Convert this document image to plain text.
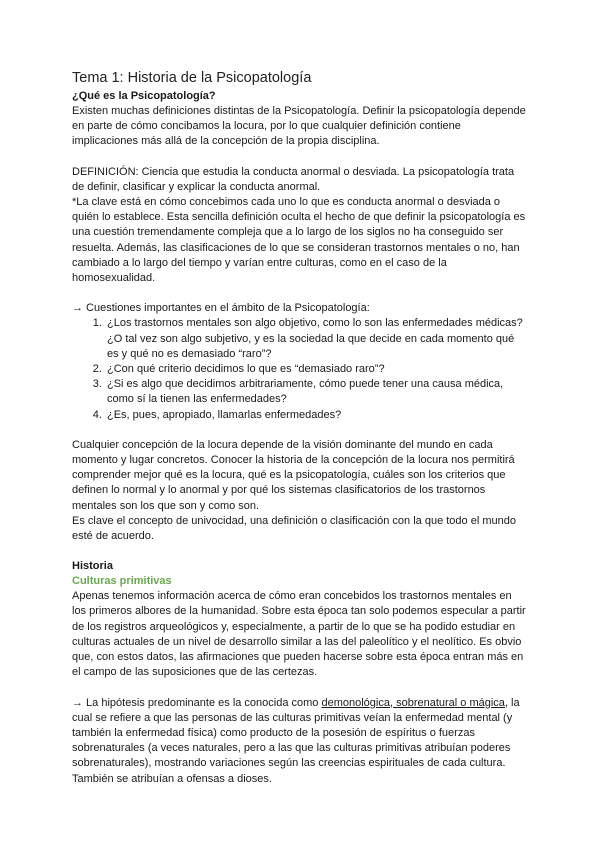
Tema 1: Historia de la Psicopatología

¿Qué es la Psicopatología?

Existen muchas definiciones distintas de la Psicopatología. Definir la psicopatología depende en parte de cómo concibamos la locura, por lo que cualquier definición contiene implicaciones más allá de la concepción de la propia disciplina.

DEFINICIÓN: Ciencia que estudia la conducta anormal o desviada. La psicopatología trata de definir, clasificar y explicar la conducta anormal.

*La clave está en cómo concebimos cada uno lo que es conducta anormal o desviada o quién lo establece. Esta sencilla definición oculta el hecho de que definir la psicopatología es una cuestión tremendamente compleja que a lo largo de los siglos no ha conseguido ser resuelta. Además, las clasificaciones de lo que se consideran trastornos mentales o no, han cambiado a lo largo del tiempo y varían entre culturas, como en el caso de la homosexualidad.

→ Cuestiones importantes en el ámbito de la Psicopatología:

1. ¿Los trastornos mentales son algo objetivo, como lo son las enfermedades médicas? ¿O tal vez son algo subjetivo, y es la sociedad la que decide en cada momento qué es y qué no es demasiado “raro”?
2. ¿Con qué criterio decidimos lo que es “demasiado raro”?
3. ¿Si es algo que decidimos arbitrariamente, cómo puede tener una causa médica, como sí la tienen las enfermedades?
4. ¿Es, pues, apropiado, llamarlas enfermedades?

Cualquier concepción de la locura depende de la visión dominante del mundo en cada momento y lugar concretos. Conocer la historia de la concepción de la locura nos permitirá comprender mejor qué es la locura, qué es la psicopatología, cuáles son los criterios que definen lo normal y lo anormal y por qué los sistemas clasificatorios de los trastornos mentales son los que son y como son.

Es clave el concepto de univocidad, una definición o clasificación con la que todo el mundo esté de acuerdo.

Historia

Culturas primitivas

Apenas tenemos información acerca de cómo eran concebidos los trastornos mentales en los primeros albores de la humanidad. Sobre esta época tan solo podemos especular a partir de los registros arqueológicos y, especialmente, a partir de lo que se ha podido estudiar en culturas actuales de un nivel de desarrollo similar a las del paleolítico y el neolítico. Es obvio que, con estos datos, las afirmaciones que pueden hacerse sobre esta época entran más en el campo de las suposiciones que de las certezas.

→ La hipótesis predominante es la conocida como demonológica, sobrenatural o mágica, la cual se refiere a que las personas de las culturas primitivas veían la enfermedad mental (y también la enfermedad física) como producto de la posesión de espíritus o fuerzas sobrenaturales (a veces naturales, pero a las que las culturas primitivas atribuían poderes sobrenaturales), mostrando variaciones según las creencias espirituales de cada cultura. También se atribuían a ofensas a dioses.
